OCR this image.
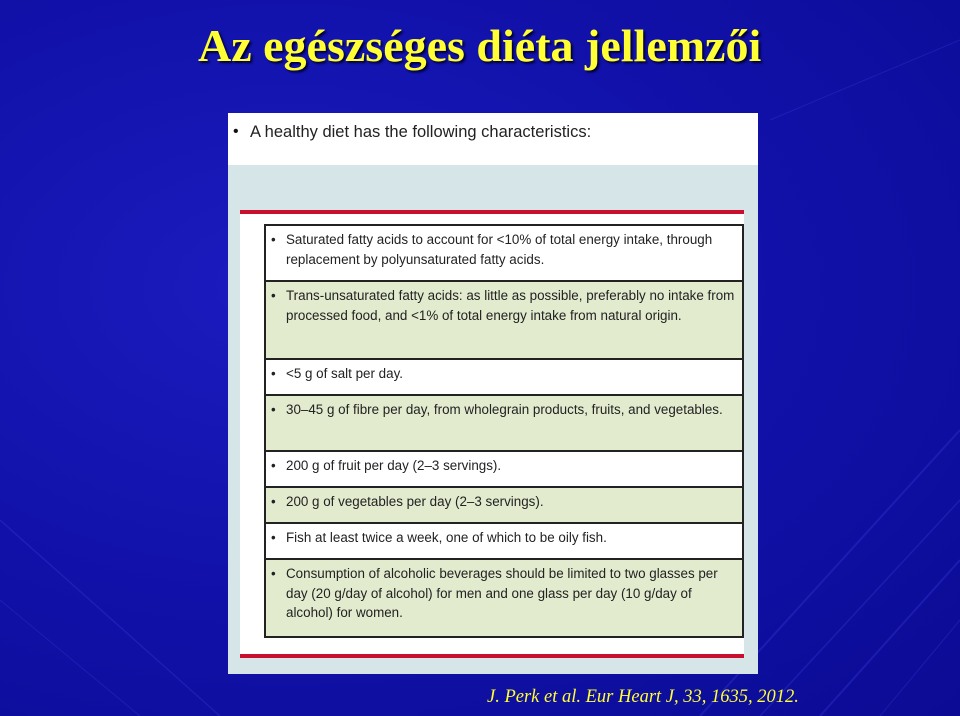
Az egészséges diéta jellemzői
• A healthy diet has the following characteristics:
• Saturated fatty acids to account for <10% of total energy intake, through replacement by polyunsaturated fatty acids.
• Trans-unsaturated fatty acids: as little as possible, preferably no intake from processed food, and <1% of total energy intake from natural origin.
• <5 g of salt per day.
• 30–45 g of fibre per day, from wholegrain products, fruits, and vegetables.
• 200 g of fruit per day (2–3 servings).
• 200 g of vegetables per day (2–3 servings).
• Fish at least twice a week, one of which to be oily fish.
• Consumption of alcoholic beverages should be limited to two glasses per day (20 g/day of alcohol) for men and one glass per day (10 g/day of alcohol) for women.

J. Perk et al. Eur Heart J, 33, 1635, 2012.
